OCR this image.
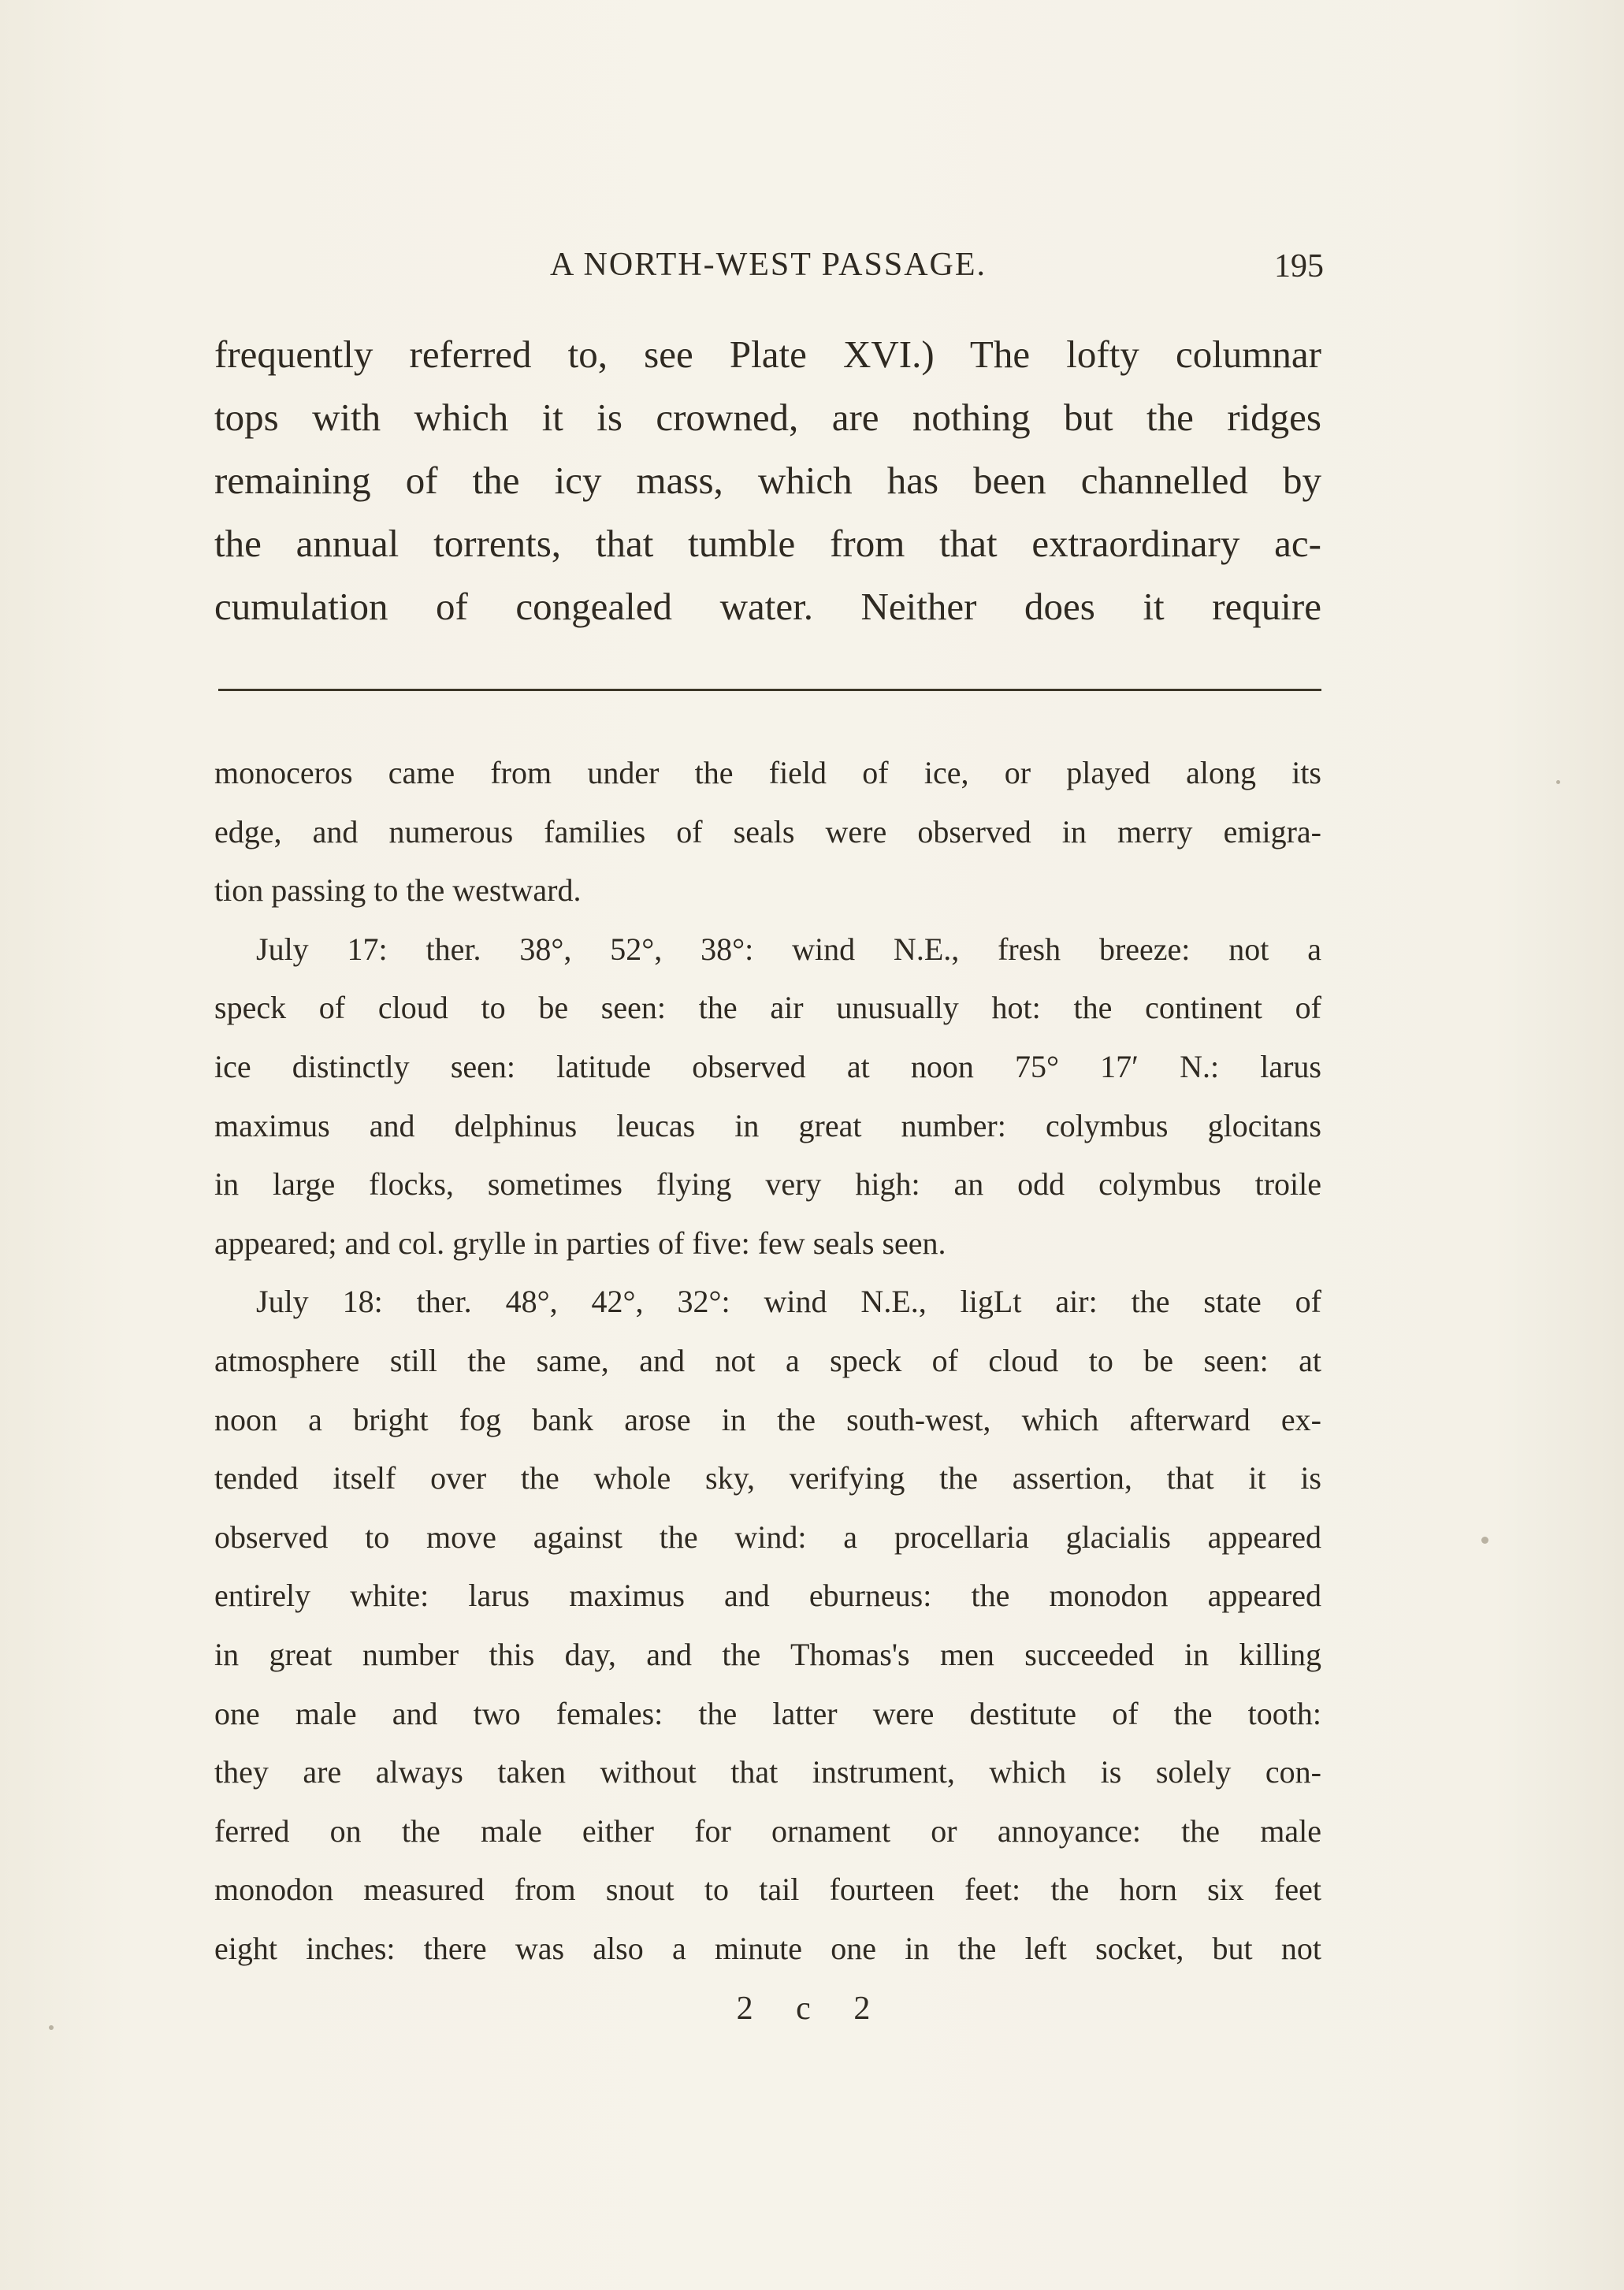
A NORTH-WEST PASSAGE.	195
frequently referred to, see Plate XVI.) The lofty columnar
tops with which it is crowned, are nothing but the ridges
remaining of the icy mass, which has been channelled by
the annual torrents, that tumble from that extraordinary ac-
cumulation of congealed water. Neither does it require
monoceros came from under the field of ice, or played along its
edge, and numerous families of seals were observed in merry emigra-
tion passing to the westward.
July 17: ther. 38°, 52°, 38°: wind N.E., fresh breeze: not a
speck of cloud to be seen: the air unusually hot: the continent of
ice distinctly seen: latitude observed at noon 75° 17′ N.: larus
maximus and delphinus leucas in great number: colymbus glocitans
in large flocks, sometimes flying very high: an odd colymbus troile
appeared; and col. grylle in parties of five: few seals seen.
July 18: ther. 48°, 42°, 32°: wind N.E., ligLt air: the state of
atmosphere still the same, and not a speck of cloud to be seen: at
noon a bright fog bank arose in the south-west, which afterward ex-
tended itself over the whole sky, verifying the assertion, that it is
observed to move against the wind: a procellaria glacialis appeared
entirely white: larus maximus and eburneus: the monodon appeared
in great number this day, and the Thomas's men succeeded in killing
one male and two females: the latter were destitute of the tooth:
they are always taken without that instrument, which is solely con-
ferred on the male either for ornament or annoyance: the male
monodon measured from snout to tail fourteen feet: the horn six feet
eight inches: there was also a minute one in the left socket, but not
2 c 2
